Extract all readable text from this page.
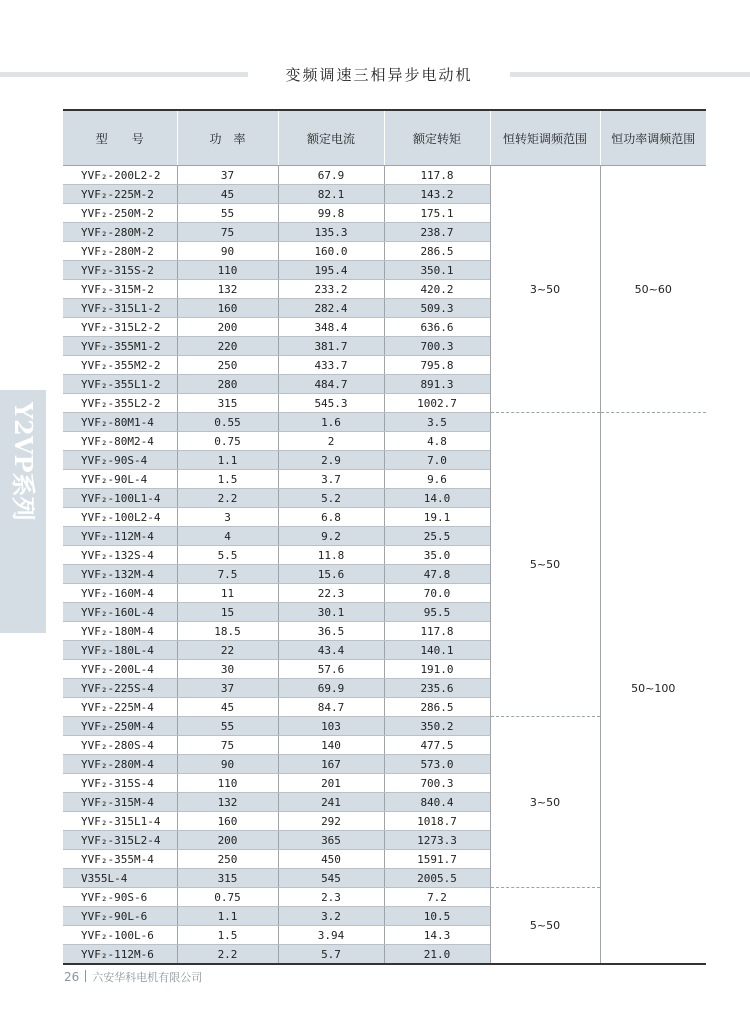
变频调速三相异步电动机
Y2VP系列
型　　号	功　率	额定电流	额定转矩	恒转矩调频范围	恒功率调频范围
YVF₂-200L2-2	37	67.9	117.8	3~50	50~60
YVF₂-225M-2	45	82.1	143.2		
YVF₂-250M-2	55	99.8	175.1		
YVF₂-280M-2	75	135.3	238.7		
YVF₂-280M-2	90	160.0	286.5		
YVF₂-315S-2	110	195.4	350.1		
YVF₂-315M-2	132	233.2	420.2		
YVF₂-315L1-2	160	282.4	509.3		
YVF₂-315L2-2	200	348.4	636.6		
YVF₂-355M1-2	220	381.7	700.3		
YVF₂-355M2-2	250	433.7	795.8		
YVF₂-355L1-2	280	484.7	891.3		
YVF₂-355L2-2	315	545.3	1002.7		
YVF₂-80M1-4	0.55	1.6	3.5	5~50	50~100
YVF₂-80M2-4	0.75	2	4.8		
YVF₂-90S-4	1.1	2.9	7.0		
YVF₂-90L-4	1.5	3.7	9.6		
YVF₂-100L1-4	2.2	5.2	14.0		
YVF₂-100L2-4	3	6.8	19.1		
YVF₂-112M-4	4	9.2	25.5		
YVF₂-132S-4	5.5	11.8	35.0		
YVF₂-132M-4	7.5	15.6	47.8		
YVF₂-160M-4	11	22.3	70.0		
YVF₂-160L-4	15	30.1	95.5		
YVF₂-180M-4	18.5	36.5	117.8		
YVF₂-180L-4	22	43.4	140.1		
YVF₂-200L-4	30	57.6	191.0		
YVF₂-225S-4	37	69.9	235.6		
YVF₂-225M-4	45	84.7	286.5		
YVF₂-250M-4	55	103	350.2	3~50	
YVF₂-280S-4	75	140	477.5		
YVF₂-280M-4	90	167	573.0		
YVF₂-315S-4	110	201	700.3		
YVF₂-315M-4	132	241	840.4		
YVF₂-315L1-4	160	292	1018.7		
YVF₂-315L2-4	200	365	1273.3		
YVF₂-355M-4	250	450	1591.7		
V355L-4	315	545	2005.5		
YVF₂-90S-6	0.75	2.3	7.2	5~50	
YVF₂-90L-6	1.1	3.2	10.5		
YVF₂-100L-6	1.5	3.94	14.3		
YVF₂-112M-6	2.2	5.7	21.0		
26 六安华科电机有限公司
